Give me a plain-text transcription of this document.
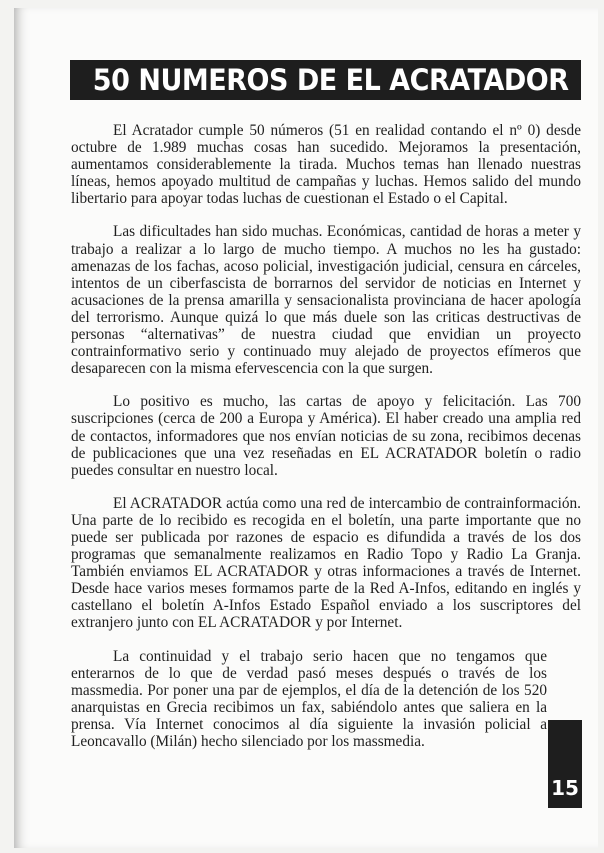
50 NUMEROS DE EL ACRATADOR

El Acratador cumple 50 números (51 en realidad contando el nº 0) desde octubre de 1.989 muchas cosas han sucedido. Mejoramos la presentación, aumentamos considerablemente la tirada. Muchos temas han llenado nuestras líneas, hemos apoyado multitud de campañas y luchas. Hemos salido del mundo libertario para apoyar todas luchas de cuestionan el Estado o el Capital.

Las dificultades han sido muchas. Económicas, cantidad de horas a meter y trabajo a realizar a lo largo de mucho tiempo. A muchos no les ha gustado: amenazas de los fachas, acoso policial, investigación judicial, censura en cárceles, intentos de un ciberfascista de borrarnos del servidor de noticias en Internet y acusaciones de la prensa amarilla y sensacionalista provinciana de hacer apología del terrorismo. Aunque quizá lo que más duele son las criticas destructivas de personas “alternativas” de nuestra ciudad que envidian un proyecto contrainformativo serio y continuado muy alejado de proyectos efímeros que desaparecen con la misma efervescencia con la que surgen.

Lo positivo es mucho, las cartas de apoyo y felicitación. Las 700 suscripciones (cerca de 200 a Europa y América). El haber creado una amplia red de contactos, informadores que nos envían noticias de su zona, recibimos decenas de publicaciones que una vez reseñadas en EL ACRATADOR boletín o radio puedes consultar en nuestro local.

El ACRATADOR actúa como una red de intercambio de contrainformación. Una parte de lo recibido es recogida en el boletín, una parte importante que no puede ser publicada por razones de espacio es difundida a través de los dos programas que semanalmente realizamos en Radio Topo y Radio La Granja. También enviamos EL ACRATADOR y otras informaciones a través de Internet. Desde hace varios meses formamos parte de la Red A-Infos, editando en inglés y castellano el boletín A-Infos Estado Español enviado a los suscriptores del extranjero junto con EL ACRATADOR y por Internet.

La continuidad y el trabajo serio hacen que no tengamos que enterarnos de lo que de verdad pasó meses después o través de los massmedia. Por poner una par de ejemplos, el día de la detención de los 520 anarquistas en Grecia recibimos un fax, sabiéndolo antes que saliera en la prensa. Vía Internet conocimos al día siguiente la invasión policial a Leoncavallo (Milán) hecho silenciado por los massmedia.

15
